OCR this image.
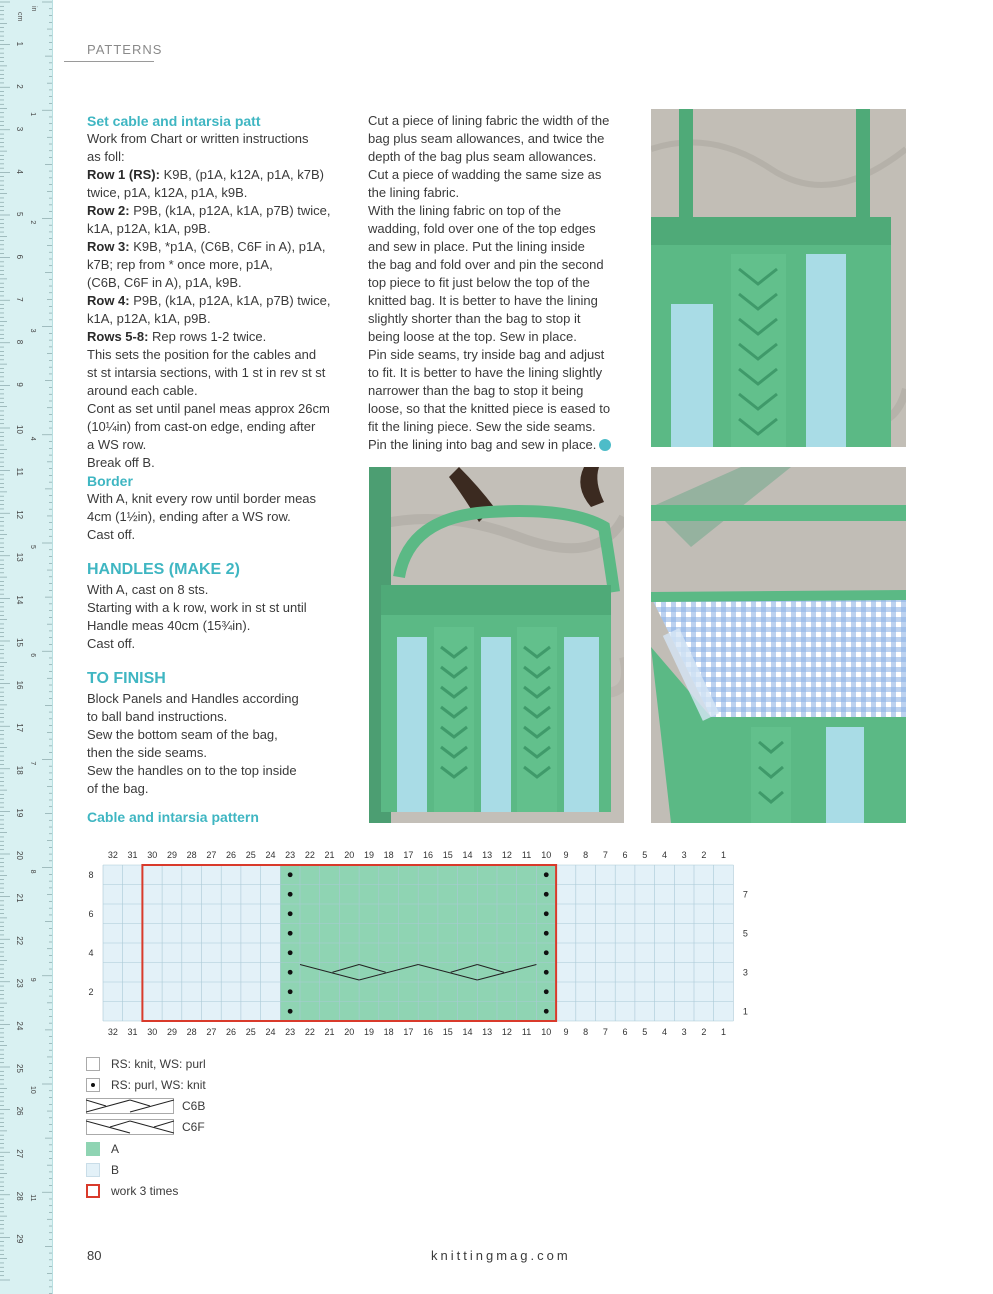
cm
1
2
3
4
5
6
7
8
9
10
11
12
13
14
15
16
17
18
19
20
21
22
23
24
25
26
27
28
29
in
1
2
3
4
5
6
7
8
9
10
11
PATTERNS
Set cable and intarsia patt
Work from Chart or written instructions
as foll:
Row 1 (RS): K9B, (p1A, k12A, p1A, k7B)
twice, p1A, k12A, p1A, k9B.
Row 2: P9B, (k1A, p12A, k1A, p7B) twice,
k1A, p12A, k1A, p9B.
Row 3: K9B, *p1A, (C6B, C6F in A), p1A,
k7B; rep from * once more, p1A,
(C6B, C6F in A), p1A, k9B.
Row 4: P9B, (k1A, p12A, k1A, p7B) twice,
k1A, p12A, k1A, p9B.
Rows 5-8: Rep rows 1-2 twice.
This sets the position for the cables and
st st intarsia sections, with 1 st in rev st st
around each cable.
Cont as set until panel meas approx 26cm
(10¼in) from cast-on edge, ending after
a WS row.
Break off B.
Border
With A, knit every row until border meas
4cm (1½in), ending after a WS row.
Cast off.
HANDLES (MAKE 2)
With A, cast on 8 sts.
Starting with a k row, work in st st until
Handle meas 40cm (15¾in).
Cast off.
TO FINISH
Block Panels and Handles according
to ball band instructions.
Sew the bottom seam of the bag,
then the side seams.
Sew the handles on to the top inside
of the bag.
Cut a piece of lining fabric the width of the
bag plus seam allowances, and twice the
depth of the bag plus seam allowances.
Cut a piece of wadding the same size as
the lining fabric.
With the lining fabric on top of the
wadding, fold over one of the top edges
and sew in place. Put the lining inside
the bag and fold over and pin the second
top piece to fit just below the top of the
knitted bag. It is better to have the lining
slightly shorter than the bag to stop it
being loose at the top. Sew in place.
Pin side seams, try inside bag and adjust
to fit. It is better to have the lining slightly
narrower than the bag to stop it being
loose, so that the knitted piece is eased to
fit the lining piece. Sew the side seams.
Pin the lining into bag and sew in place.
Cable and intarsia pattern
32
32
31
31
30
30
29
29
28
28
27
27
26
26
25
25
24
24
23
23
22
22
21
21
20
20
19
19
18
18
17
17
16
16
15
15
14
14
13
13
12
12
11
11
10
10
9
9
8
8
7
7
6
6
5
5
4
4
3
3
2
2
1
1
8
6
4
2
7
5
3
1
RS: knit, WS: purl
RS: purl, WS: knit
C6B
C6F
A
B
work 3 times
80	knittingmag.com
